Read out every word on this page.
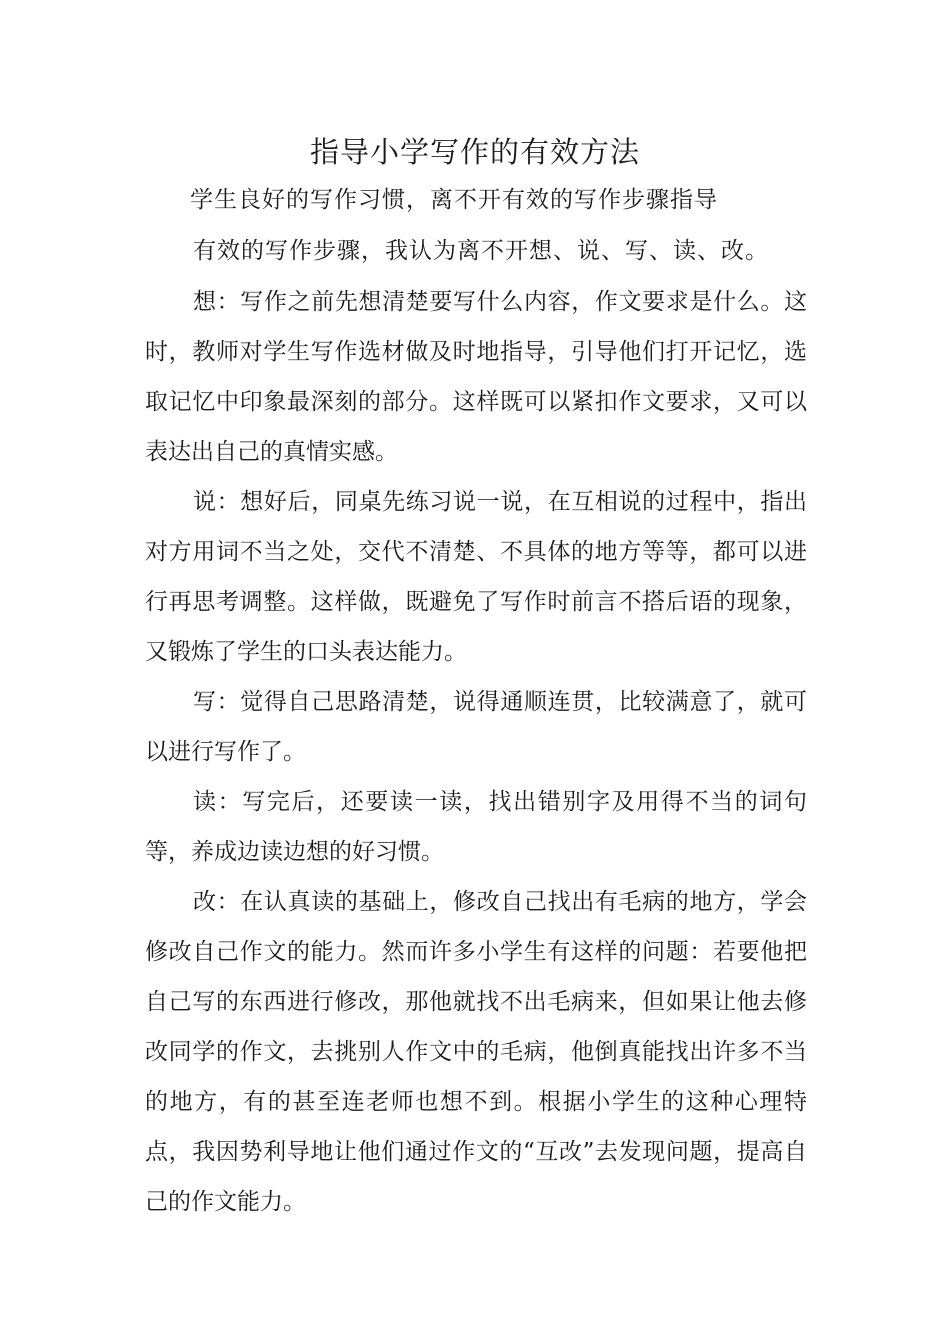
指导小学写作的有效方法
学生良好的写作习惯，离不开有效的写作步骤指导
有效的写作步骤，我认为离不开想、说、写、读、改。

想：写作之前先想清楚要写什么内容，作文要求是什么。这时，教师对学生写作选材做及时地指导，引导他们打开记忆，选取记忆中印象最深刻的部分。这样既可以紧扣作文要求，又可以表达出自己的真情实感。

说：想好后，同桌先练习说一说，在互相说的过程中，指出对方用词不当之处，交代不清楚、不具体的地方等等，都可以进行再思考调整。这样做，既避免了写作时前言不搭后语的现象，又锻炼了学生的口头表达能力。

写：觉得自己思路清楚，说得通顺连贯，比较满意了，就可以进行写作了。

读：写完后，还要读一读，找出错别字及用得不当的词句等，养成边读边想的好习惯。

改：在认真读的基础上，修改自己找出有毛病的地方，学会修改自己作文的能力。然而许多小学生有这样的问题：若要他把自己写的东西进行修改，那他就找不出毛病来，但如果让他去修改同学的作文，去挑别人作文中的毛病，他倒真能找出许多不当的地方，有的甚至连老师也想不到。根据小学生的这种心理特点，我因势利导地让他们通过作文的“互改”去发现问题，提高自己的作文能力。
